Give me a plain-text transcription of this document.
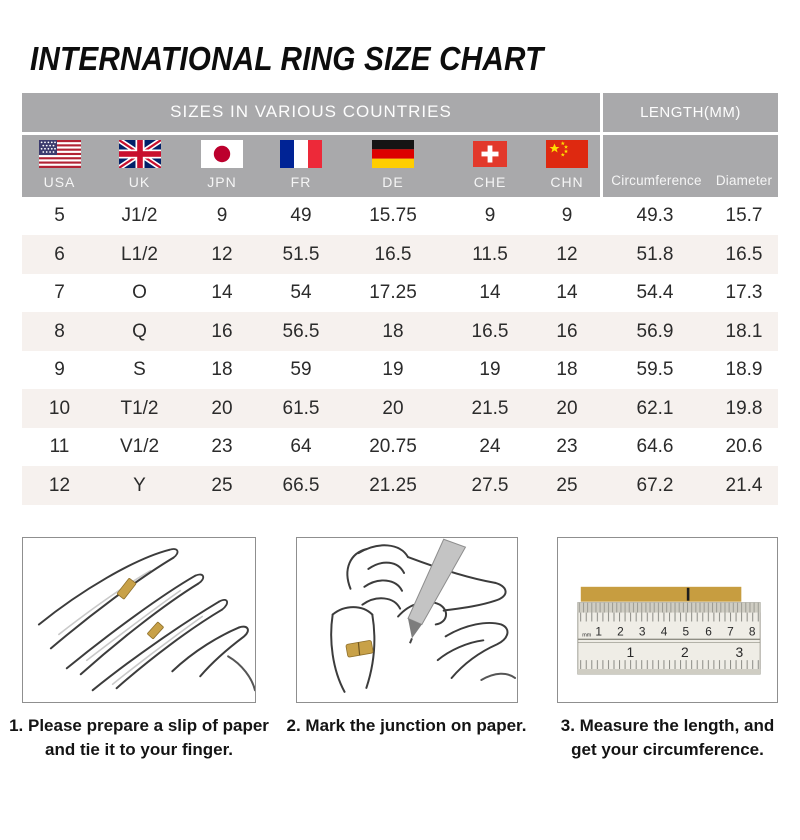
INTERNATIONAL RING SIZE CHART
SIZES IN VARIOUS COUNTRIES	LENGTH(MM)
USA	UK	JPN	FR	DE	CHE	CHN	Circumference	Diameter
5	J1/2	9	49	15.75	9	9	49.3	15.7
6	L1/2	12	51.5	16.5	11.5	12	51.8	16.5
7	O	14	54	17.25	14	14	54.4	17.3
8	Q	16	56.5	18	16.5	16	56.9	18.1
9	S	18	59	19	19	18	59.5	18.9
10	T1/2	20	61.5	20	21.5	20	62.1	19.8
11	V1/2	23	64	20.75	24	23	64.6	20.6
12	Y	25	66.5	21.25	27.5	25	67.2	21.4
1. Please prepare a slip of paper
and tie it to your finger.
2. Mark the junction on paper.
1 2 3 4 5 6 7 8
mm
1	2	3
3. Measure the length, and
get your circumference.
